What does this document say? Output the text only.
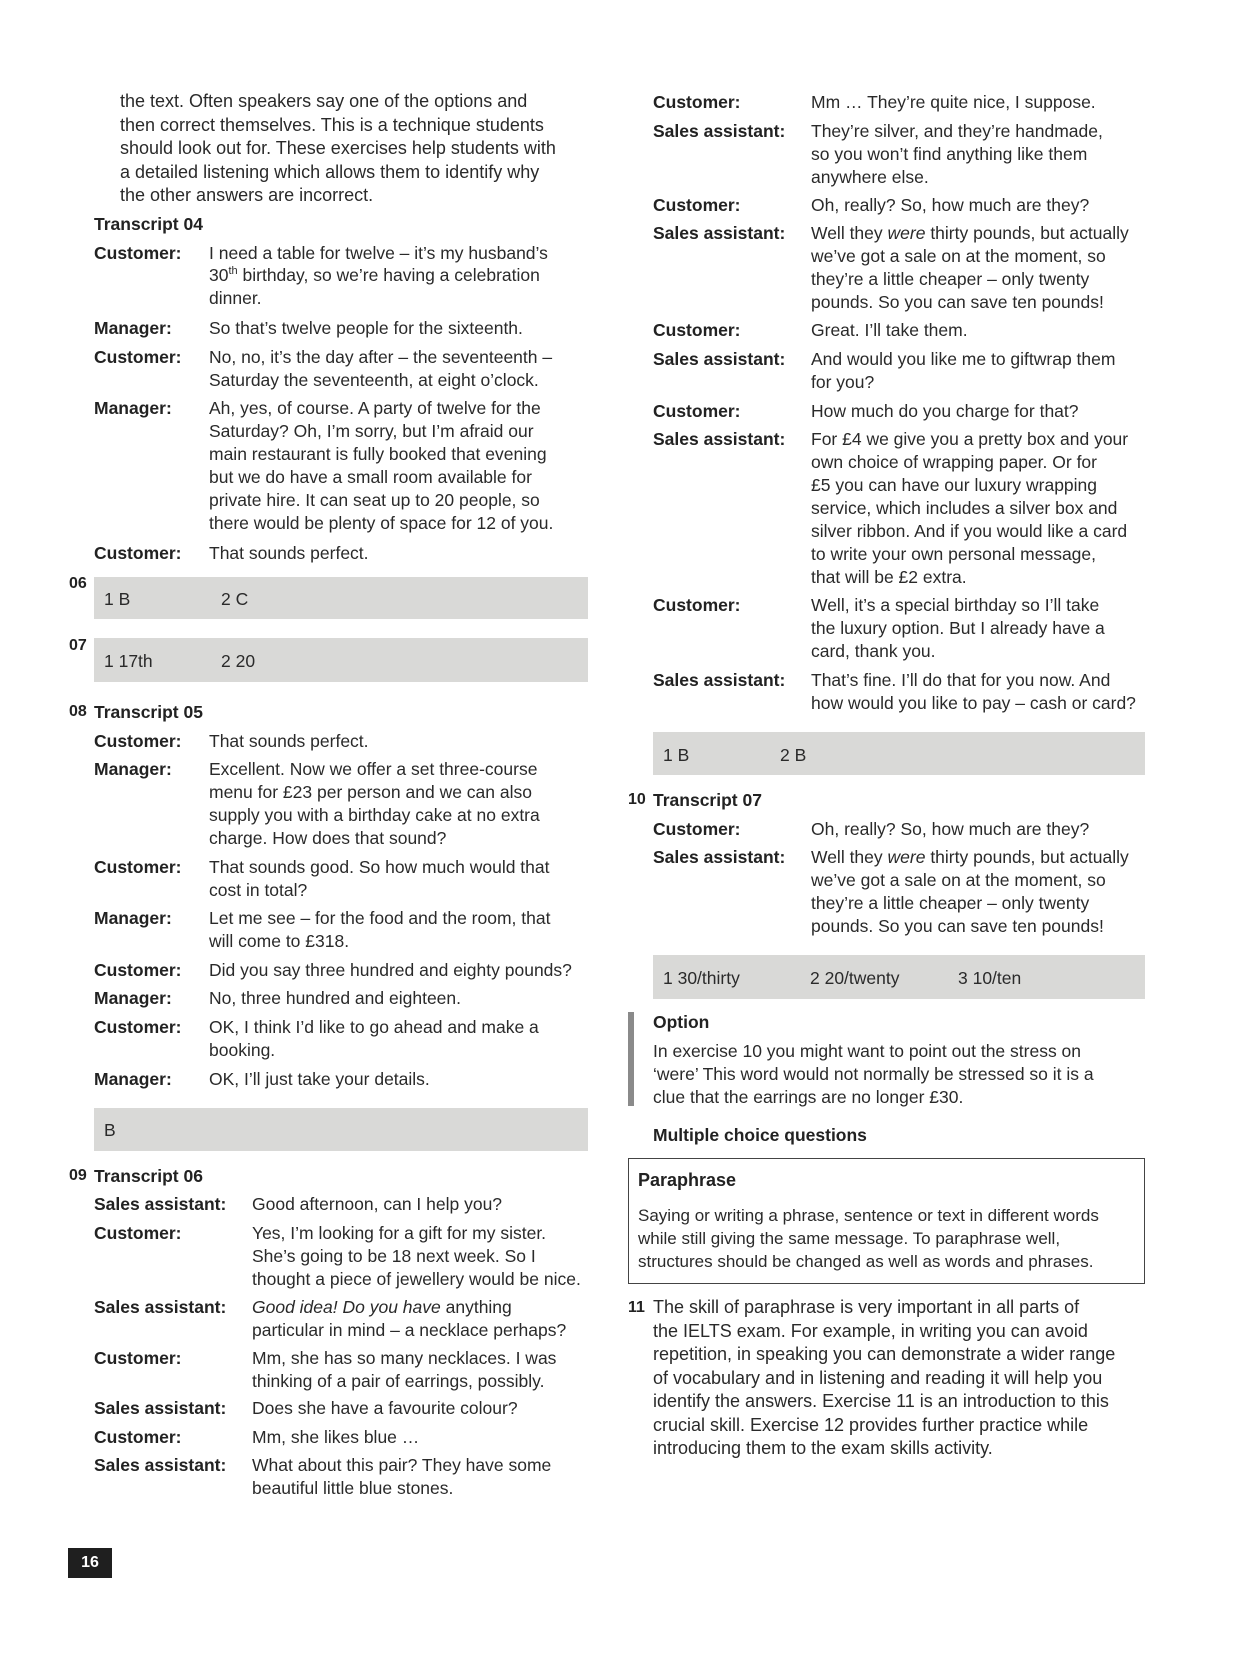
the text. Often speakers say one of the options and
then correct themselves. This is a technique students
should look out for. These exercises help students with
a detailed listening which allows them to identify why
the other answers are incorrect.
Transcript 04
Customer: I need a table for twelve – it’s my husband’s
30th birthday, so we’re having a celebration
dinner.
Manager: So that’s twelve people for the sixteenth.
Customer: No, no, it’s the day after – the seventeenth –
Saturday the seventeenth, at eight o’clock.
Manager: Ah, yes, of course. A party of twelve for the
Saturday? Oh, I’m sorry, but I’m afraid our
main restaurant is fully booked that evening
but we do have a small room available for
private hire. It can seat up to 20 people, so
there would be plenty of space for 12 of you.
Customer: That sounds perfect.
06
1 B	2 C
07
1 17th	2 20
08 Transcript 05
Customer: That sounds perfect.
Manager: Excellent. Now we offer a set three-course
menu for £23 per person and we can also
supply you with a birthday cake at no extra
charge. How does that sound?
Customer: That sounds good. So how much would that
cost in total?
Manager: Let me see – for the food and the room, that
will come to £318.
Customer: Did you say three hundred and eighty pounds?
Manager: No, three hundred and eighteen.
Customer: OK, I think I’d like to go ahead and make a
booking.
Manager: OK, I’ll just take your details.
B
09 Transcript 06
Sales assistant: Good afternoon, can I help you?
Customer:	Yes, I’m looking for a gift for my sister.
She’s going to be 18 next week. So I
thought a piece of jewellery would be nice.
Sales assistant: Good idea! Do you have anything
particular in mind – a necklace perhaps?
Customer:	Mm, she has so many necklaces. I was
thinking of a pair of earrings, possibly.
Sales assistant: Does she have a favourite colour?
Customer:	Mm, she likes blue …
Sales assistant: What about this pair? They have some
beautiful little blue stones.
16
Customer:	Mm … They’re quite nice, I suppose.
Sales assistant: They’re silver, and they’re handmade,
so you won’t find anything like them
anywhere else.
Customer:	Oh, really? So, how much are they?
Sales assistant: Well they were thirty pounds, but actually
we’ve got a sale on at the moment, so
they’re a little cheaper – only twenty
pounds. So you can save ten pounds!
Customer:	Great. I’ll take them.
Sales assistant: And would you like me to giftwrap them
for you?
Customer:	How much do you charge for that?
Sales assistant: For £4 we give you a pretty box and your
own choice of wrapping paper. Or for
£5 you can have our luxury wrapping
service, which includes a silver box and
silver ribbon. And if you would like a card
to write your own personal message,
that will be £2 extra.
Customer:	Well, it’s a special birthday so I’ll take
the luxury option. But I already have a
card, thank you.
Sales assistant: That’s fine. I’ll do that for you now. And
how would you like to pay – cash or card?
1 B	2 B
10 Transcript 07
Customer:	Oh, really? So, how much are they?
Sales assistant: Well they were thirty pounds, but actually
we’ve got a sale on at the moment, so
they’re a little cheaper – only twenty
pounds. So you can save ten pounds!
1 30/thirty	2 20/twenty	3 10/ten
Option
In exercise 10 you might want to point out the stress on
‘were’ This word would not normally be stressed so it is a
clue that the earrings are no longer £30.
Multiple choice questions
Paraphrase
Saying or writing a phrase, sentence or text in different words
while still giving the same message. To paraphrase well,
structures should be changed as well as words and phrases.
11 The skill of paraphrase is very important in all parts of
the IELTS exam. For example, in writing you can avoid
repetition, in speaking you can demonstrate a wider range
of vocabulary and in listening and reading it will help you
identify the answers. Exercise 11 is an introduction to this
crucial skill. Exercise 12 provides further practice while
introducing them to the exam skills activity.
